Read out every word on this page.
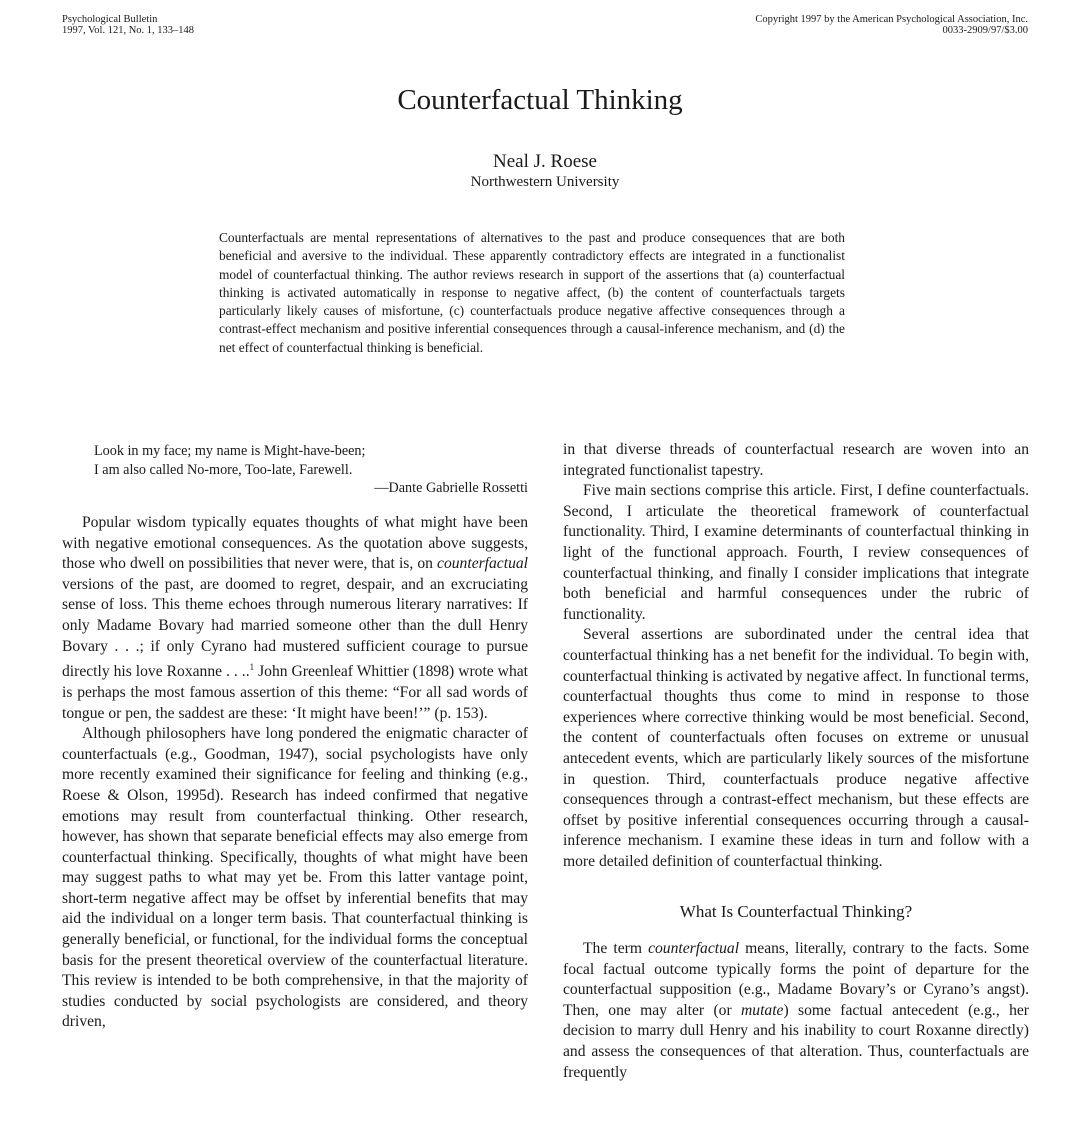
Psychological Bulletin
1997, Vol. 121, No. 1, 133–148
Copyright 1997 by the American Psychological Association, Inc.
0033-2909/97/$3.00
Counterfactual Thinking
Neal J. Roese
Northwestern University

Counterfactuals are mental representations of alternatives to the past and produce consequences that are both beneficial and aversive to the individual. These apparently contradictory effects are integrated in a functionalist model of counterfactual thinking. The author reviews research in support of the assertions that (a) counterfactual thinking is activated automatically in response to negative affect, (b) the content of counterfactuals targets particularly likely causes of misfortune, (c) counterfactuals produce negative affective consequences through a contrast-effect mechanism and positive inferential consequences through a causal-inference mechanism, and (d) the net effect of counterfactual thinking is beneficial.

Look in my face; my name is Might-have-been;
I am also called No-more, Too-late, Farewell.
—Dante Gabrielle Rossetti

Popular wisdom typically equates thoughts of what might have been with negative emotional consequences. As the quotation above suggests, those who dwell on possibilities that never were, that is, on counterfactual versions of the past, are doomed to regret, despair, and an excruciating sense of loss. This theme echoes through numerous literary narratives: If only Madame Bovary had married someone other than the dull Henry Bovary . . .; if only Cyrano had mustered sufficient courage to pursue directly his love Roxanne . . ..$^1$ John Greenleaf Whittier (1898) wrote what is perhaps the most famous assertion of this theme: “For all sad words of tongue or pen, the saddest are these: ‘It might have been!’” (p. 153).

Although philosophers have long pondered the enigmatic character of counterfactuals (e.g., Goodman, 1947), social psychologists have only more recently examined their significance for feeling and thinking (e.g., Roese & Olson, 1995d). Research has indeed confirmed that negative emotions may result from counterfactual thinking. Other research, however, has shown that separate beneficial effects may also emerge from counterfactual thinking. Specifically, thoughts of what might have been may suggest paths to what may yet be. From this latter vantage point, short-term negative affect may be offset by inferential benefits that may aid the individual on a longer term basis. That counterfactual thinking is generally beneficial, or functional, for the individual forms the conceptual basis for the present theoretical overview of the counterfactual literature. This review is intended to be both comprehensive, in that the majority of studies conducted by social psychologists are considered, and theory driven,

in that diverse threads of counterfactual research are woven into an integrated functionalist tapestry.

Five main sections comprise this article. First, I define counterfactuals. Second, I articulate the theoretical framework of counterfactual functionality. Third, I examine determinants of counterfactual thinking in light of the functional approach. Fourth, I review consequences of counterfactual thinking, and finally I consider implications that integrate both beneficial and harmful consequences under the rubric of functionality.

Several assertions are subordinated under the central idea that counterfactual thinking has a net benefit for the individual. To begin with, counterfactual thinking is activated by negative affect. In functional terms, counterfactual thoughts thus come to mind in response to those experiences where corrective thinking would be most beneficial. Second, the content of counterfactuals often focuses on extreme or unusual antecedent events, which are particularly likely sources of the misfortune in question. Third, counterfactuals produce negative affective consequences through a contrast-effect mechanism, but these effects are offset by positive inferential consequences occurring through a causal-inference mechanism. I examine these ideas in turn and follow with a more detailed definition of counterfactual thinking.

What Is Counterfactual Thinking?

The term counterfactual means, literally, contrary to the facts. Some focal factual outcome typically forms the point of departure for the counterfactual supposition (e.g., Madame Bovary’s or Cyrano’s angst). Then, one may alter (or mutate) some factual antecedent (e.g., her decision to marry dull Henry and his inability to court Roxanne directly) and assess the consequences of that alteration. Thus, counterfactuals are frequently
